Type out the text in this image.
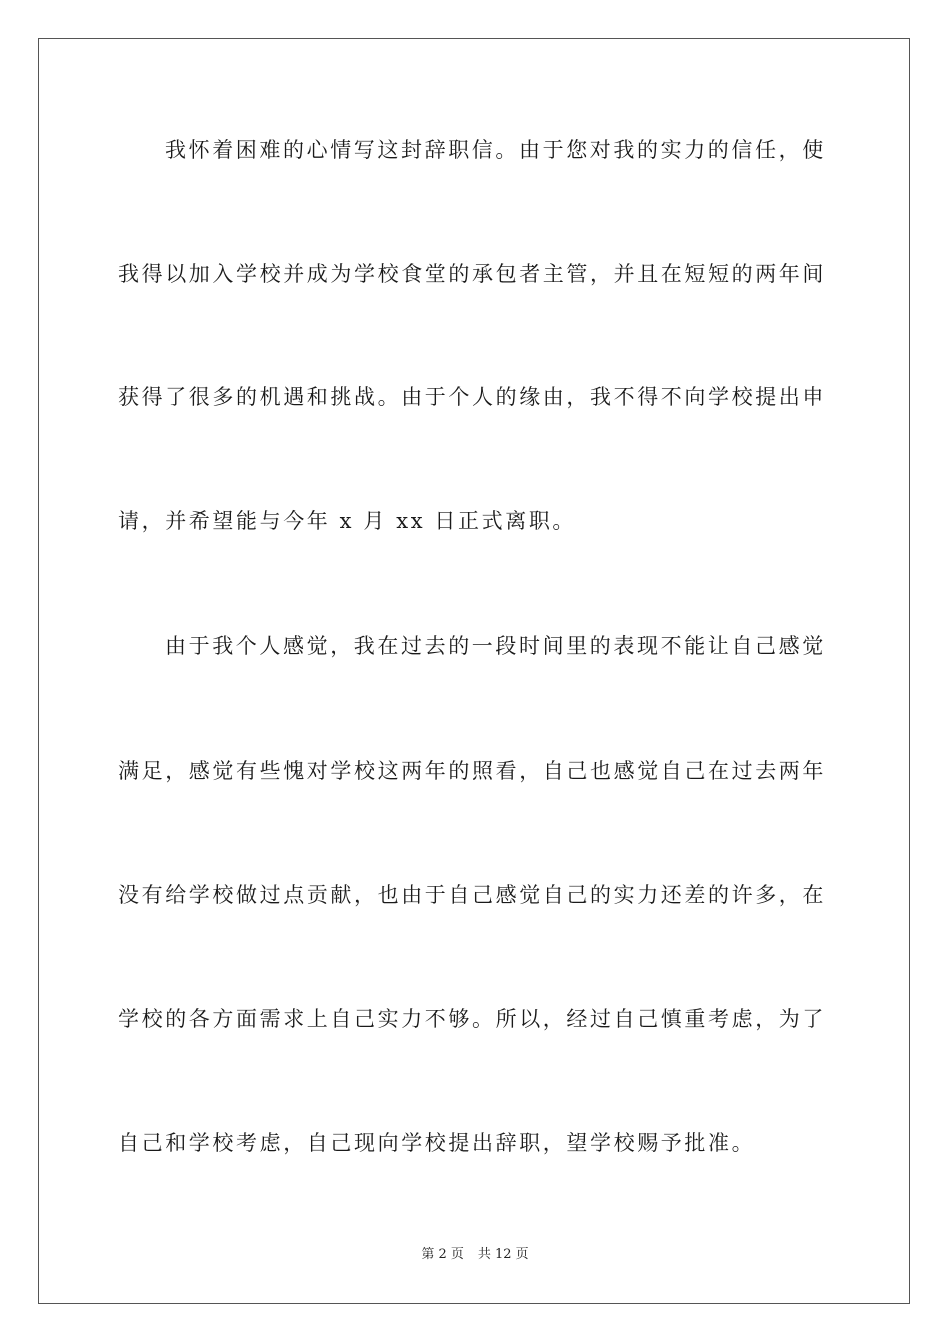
我怀着困难的心情写这封辞职信。由于您对我的实力的信任，使
我得以加入学校并成为学校食堂的承包者主管，并且在短短的两年间
获得了很多的机遇和挑战。由于个人的缘由，我不得不向学校提出申
请，并希望能与今年 x 月 xx 日正式离职。
由于我个人感觉，我在过去的一段时间里的表现不能让自己感觉
满足，感觉有些愧对学校这两年的照看，自己也感觉自己在过去两年
没有给学校做过点贡献，也由于自己感觉自己的实力还差的许多，在
学校的各方面需求上自己实力不够。所以，经过自己慎重考虑，为了
自己和学校考虑，自己现向学校提出辞职，望学校赐予批准。
第 2 页 共 12 页
